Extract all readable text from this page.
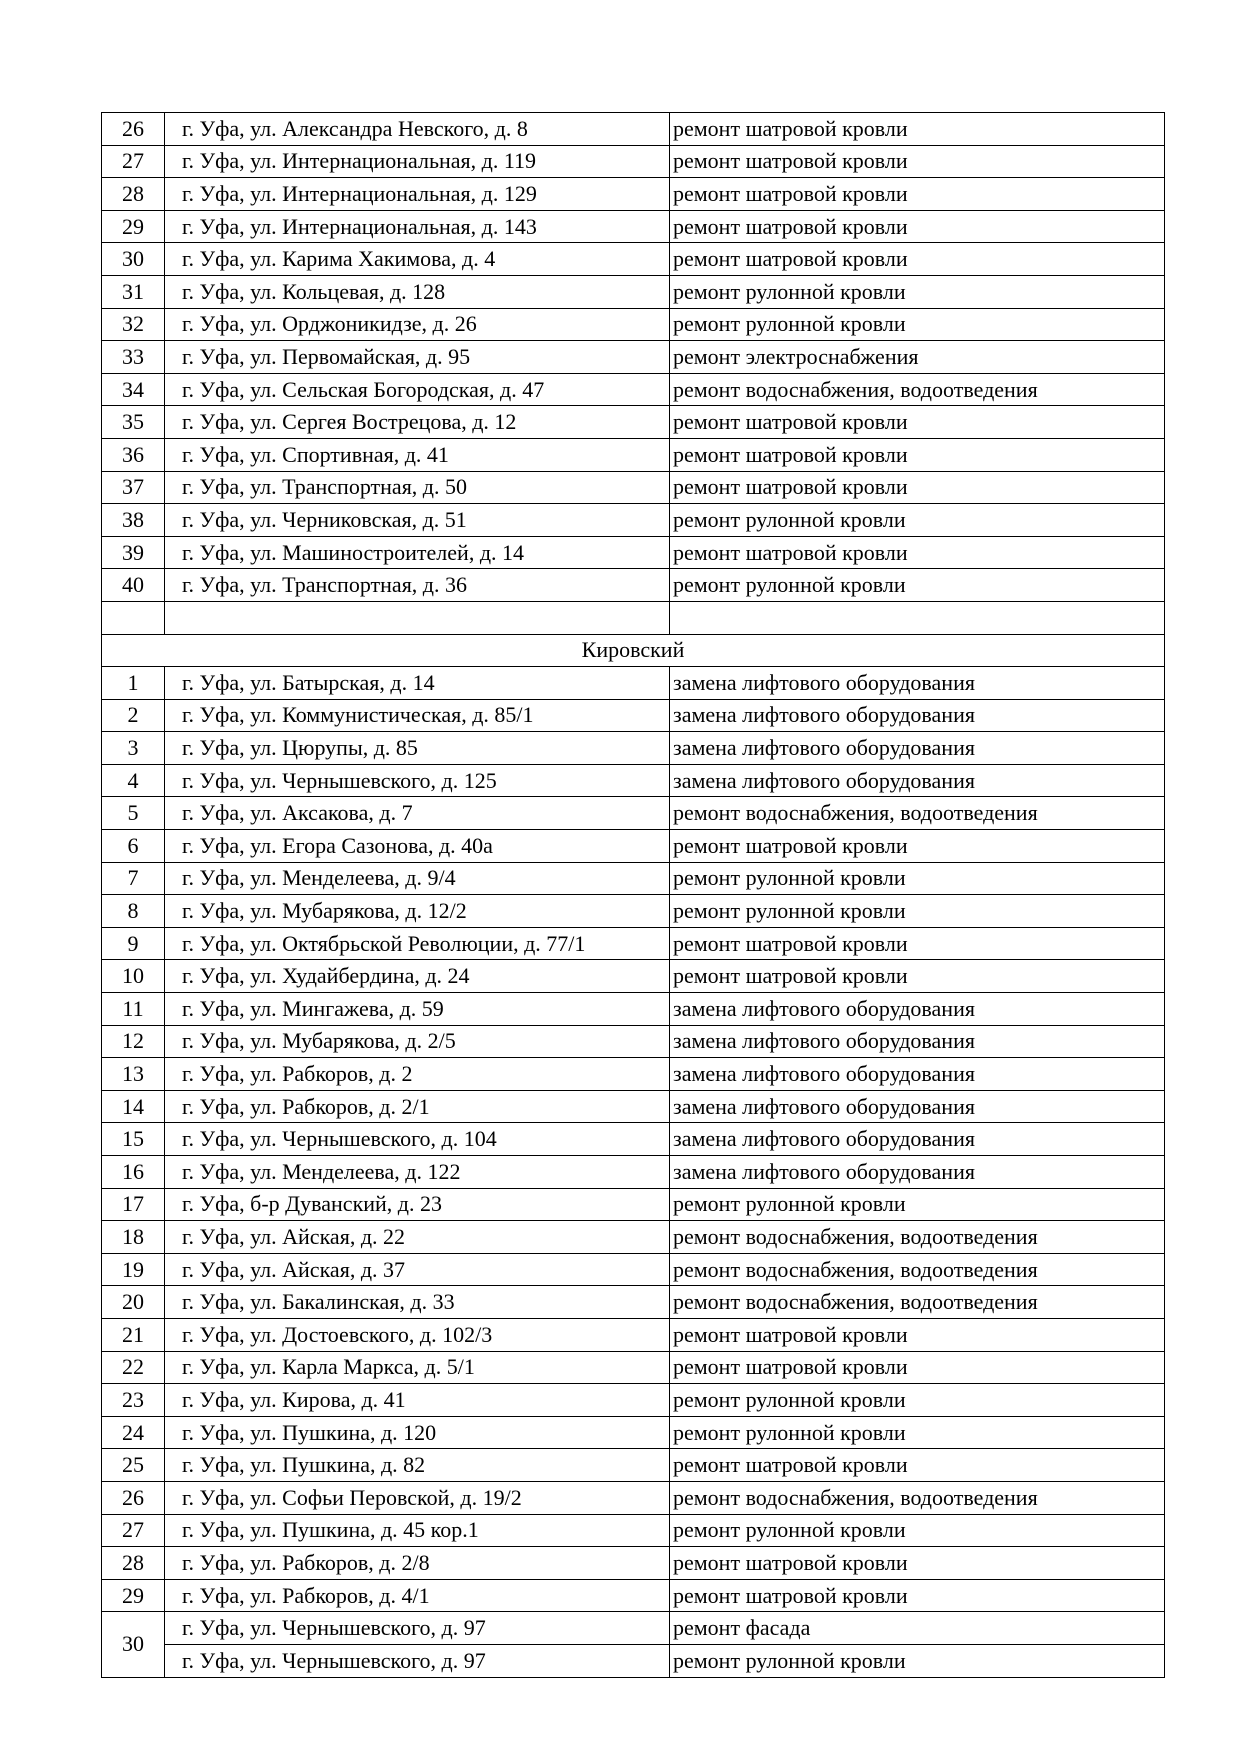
26	г. Уфа, ул. Александра Невского, д. 8	ремонт шатровой кровли
27	г. Уфа, ул. Интернациональная, д. 119	ремонт шатровой кровли
28	г. Уфа, ул. Интернациональная, д. 129	ремонт шатровой кровли
29	г. Уфа, ул. Интернациональная, д. 143	ремонт шатровой кровли
30	г. Уфа, ул. Карима Хакимова, д. 4	ремонт шатровой кровли
31	г. Уфа, ул. Кольцевая, д. 128	ремонт рулонной кровли
32	г. Уфа, ул. Орджоникидзе, д. 26	ремонт рулонной кровли
33	г. Уфа, ул. Первомайская, д. 95	ремонт электроснабжения
34	г. Уфа, ул. Сельская Богородская, д. 47	ремонт водоснабжения, водоотведения
35	г. Уфа, ул. Сергея Вострецова, д. 12	ремонт шатровой кровли
36	г. Уфа, ул. Спортивная, д. 41	ремонт шатровой кровли
37	г. Уфа, ул. Транспортная, д. 50	ремонт шатровой кровли
38	г. Уфа, ул. Черниковская, д. 51	ремонт рулонной кровли
39	г. Уфа, ул. Машиностроителей, д. 14	ремонт шатровой кровли
40	г. Уфа, ул. Транспортная, д. 36	ремонт рулонной кровли

Кировский		
1	г. Уфа, ул. Батырская, д. 14	замена лифтового оборудования
2	г. Уфа, ул. Коммунистическая, д. 85/1	замена лифтового оборудования
3	г. Уфа, ул. Цюрупы, д. 85	замена лифтового оборудования
4	г. Уфа, ул. Чернышевского, д. 125	замена лифтового оборудования
5	г. Уфа, ул. Аксакова, д. 7	ремонт водоснабжения, водоотведения
6	г. Уфа, ул. Егора Сазонова, д. 40а	ремонт шатровой кровли
7	г. Уфа, ул. Менделеева, д. 9/4	ремонт рулонной кровли
8	г. Уфа, ул. Мубарякова, д. 12/2	ремонт рулонной кровли
9	г. Уфа, ул. Октябрьской Революции, д. 77/1	ремонт шатровой кровли
10	г. Уфа, ул. Худайбердина, д. 24	ремонт шатровой кровли
11	г. Уфа, ул. Мингажева, д. 59	замена лифтового оборудования
12	г. Уфа, ул. Мубарякова, д. 2/5	замена лифтового оборудования
13	г. Уфа, ул. Рабкоров, д. 2	замена лифтового оборудования
14	г. Уфа, ул. Рабкоров, д. 2/1	замена лифтового оборудования
15	г. Уфа, ул. Чернышевского, д. 104	замена лифтового оборудования
16	г. Уфа, ул. Менделеева, д. 122	замена лифтового оборудования
17	г. Уфа, б-р Дуванский, д. 23	ремонт рулонной кровли
18	г. Уфа, ул. Айская, д. 22	ремонт водоснабжения, водоотведения
19	г. Уфа, ул. Айская, д. 37	ремонт водоснабжения, водоотведения
20	г. Уфа, ул. Бакалинская, д. 33	ремонт водоснабжения, водоотведения
21	г. Уфа, ул. Достоевского, д. 102/3	ремонт шатровой кровли
22	г. Уфа, ул. Карла Маркса, д. 5/1	ремонт шатровой кровли
23	г. Уфа, ул. Кирова, д. 41	ремонт рулонной кровли
24	г. Уфа, ул. Пушкина, д. 120	ремонт рулонной кровли
25	г. Уфа, ул. Пушкина, д. 82	ремонт шатровой кровли
26	г. Уфа, ул. Софьи Перовской, д. 19/2	ремонт водоснабжения, водоотведения
27	г. Уфа, ул. Пушкина, д. 45 кор.1	ремонт рулонной кровли
28	г. Уфа, ул. Рабкоров, д. 2/8	ремонт шатровой кровли
29	г. Уфа, ул. Рабкоров, д. 4/1	ремонт шатровой кровли
30	г. Уфа, ул. Чернышевского, д. 97	ремонт фасада
	г. Уфа, ул. Чернышевского, д. 97	ремонт рулонной кровли
